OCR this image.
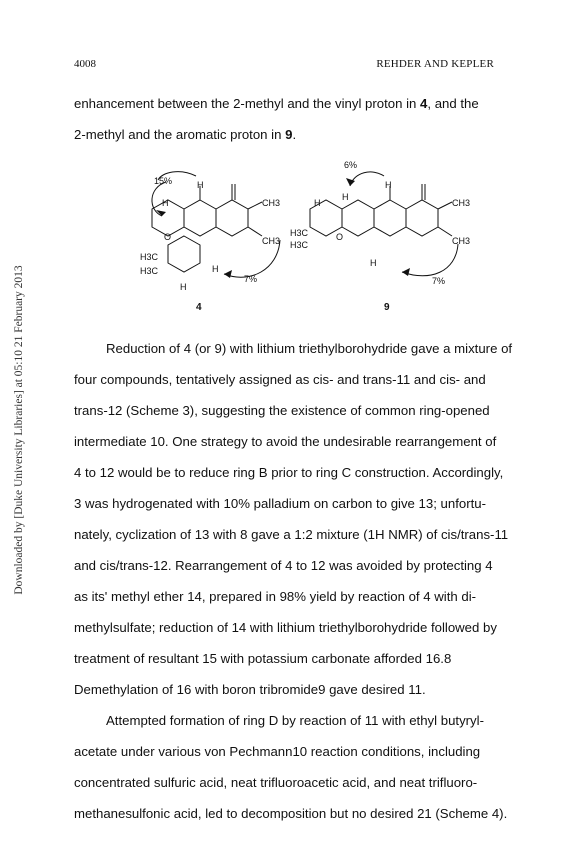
4008	REHDER AND KEPLER
Downloaded by [Duke University Libraries] at 05:10 21 February 2013
enhancement between the 2-methyl and the vinyl proton in 4, and the
2-methyl and the aromatic proton in 9.
15%	H
H	CH3
CH3
O
H3C
H3C	H
H
7%
4
6%
H
H
H	CH3
CH3
H3C
H3C
O
H
7%
9
Reduction of 4 (or 9) with lithium triethylborohydride gave a mixture of
four compounds, tentatively assigned as cis- and trans-11 and cis- and
trans-12 (Scheme 3), suggesting the existence of common ring-opened
intermediate 10. One strategy to avoid the undesirable rearrangement of
4 to 12 would be to reduce ring B prior to ring C construction. Accordingly,
3 was hydrogenated with 10% palladium on carbon to give 13; unfortu-
nately, cyclization of 13 with 8 gave a 1:2 mixture (1H NMR) of cis/trans-11
and cis/trans-12. Rearrangement of 4 to 12 was avoided by protecting 4
as its' methyl ether 14, prepared in 98% yield by reaction of 4 with di-
methylsulfate; reduction of 14 with lithium triethylborohydride followed by
treatment of resultant 15 with potassium carbonate afforded 16.8
Demethylation of 16 with boron tribromide9 gave desired 11.
Attempted formation of ring D by reaction of 11 with ethyl butyryl-
acetate under various von Pechmann10 reaction conditions, including
concentrated sulfuric acid, neat trifluoroacetic acid, and neat trifluoro-
methanesulfonic acid, led to decomposition but no desired 21 (Scheme 4).
